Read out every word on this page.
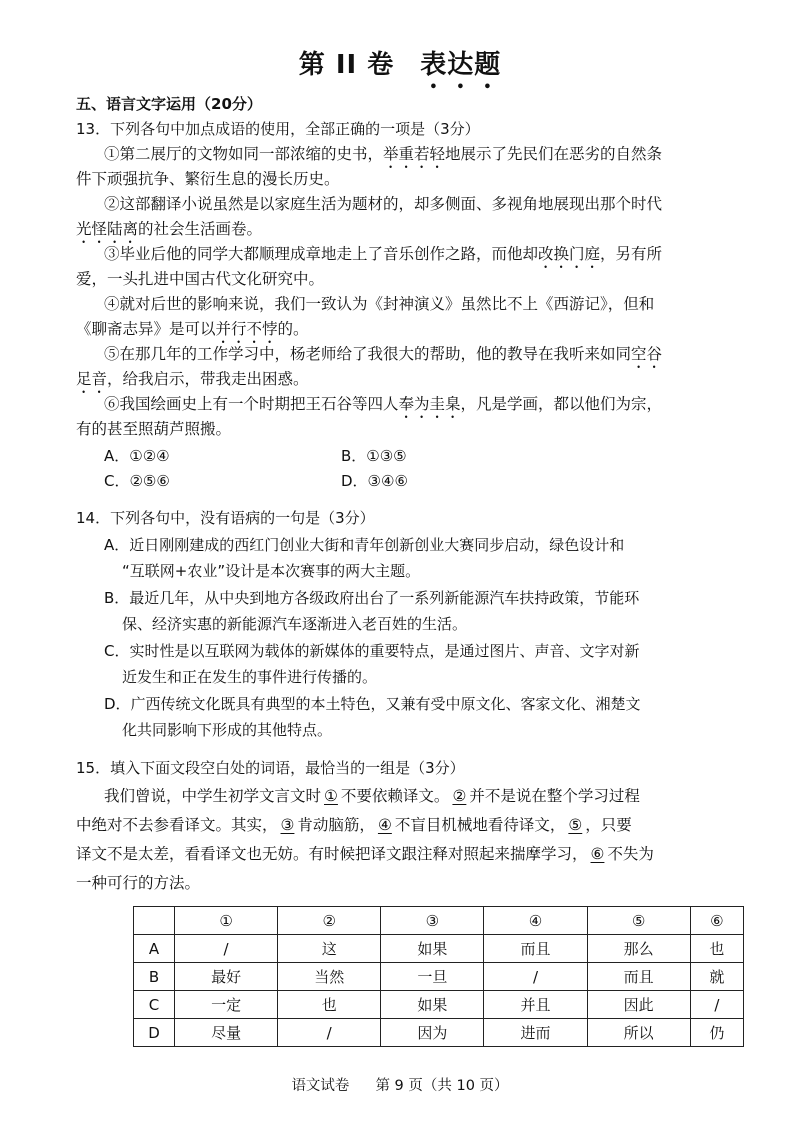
第 II 卷 表达题
五、语言文字运用（20分）
13．下列各句中加点成语的使用，全部正确的一项是（3分）
①第二展厅的文物如同一部浓缩的史书，举重若轻地展示了先民们在恶劣的自然条
件下顽强抗争、繁衍生息的漫长历史。
②这部翻译小说虽然是以家庭生活为题材的，却多侧面、多视角地展现出那个时代
光怪陆离的社会生活画卷。
③毕业后他的同学大都顺理成章地走上了音乐创作之路，而他却改换门庭，另有所
爱，一头扎进中国古代文化研究中。
④就对后世的影响来说，我们一致认为《封神演义》虽然比不上《西游记》，但和
《聊斋志异》是可以并行不悖的。
⑤在那几年的工作学习中，杨老师给了我很大的帮助，他的教导在我听来如同空谷
足音，给我启示，带我走出困惑。
⑥我国绘画史上有一个时期把王石谷等四人奉为圭臬，凡是学画，都以他们为宗，
有的甚至照葫芦照搬。
A．①②④	B．①③⑤
C．②⑤⑥	D．③④⑥
14．下列各句中，没有语病的一句是（3分）
A．近日刚刚建成的西红门创业大街和青年创新创业大赛同步启动，绿色设计和
“互联网+农业”设计是本次赛事的两大主题。
B．最近几年，从中央到地方各级政府出台了一系列新能源汽车扶持政策，节能环
保、经济实惠的新能源汽车逐渐进入老百姓的生活。
C．实时性是以互联网为载体的新媒体的重要特点，是通过图片、声音、文字对新
近发生和正在发生的事件进行传播的。
D．广西传统文化既具有典型的本土特色，又兼有受中原文化、客家文化、湘楚文
化共同影响下形成的其他特点。
15．填入下面文段空白处的词语，最恰当的一组是（3分）
我们曾说，中学生初学文言文时 ① 不要依赖译文。 ② 并不是说在整个学习过程
中绝对不去参看译文。其实， ③ 肯动脑筋， ④ 不盲目机械地看待译文， ⑤ ，只要
译文不是太差，看看译文也无妨。有时候把译文跟注释对照起来揣摩学习， ⑥ 不失为
一种可行的方法。
	①	②	③	④	⑤	⑥
A	/	这	如果	而且	那么	也
B	最好	当然	一旦	/	而且	就
C	一定	也	如果	并且	因此	/
D	尽量	/	因为	进而	所以	仍
语文试卷 第 9 页（共 10 页）
